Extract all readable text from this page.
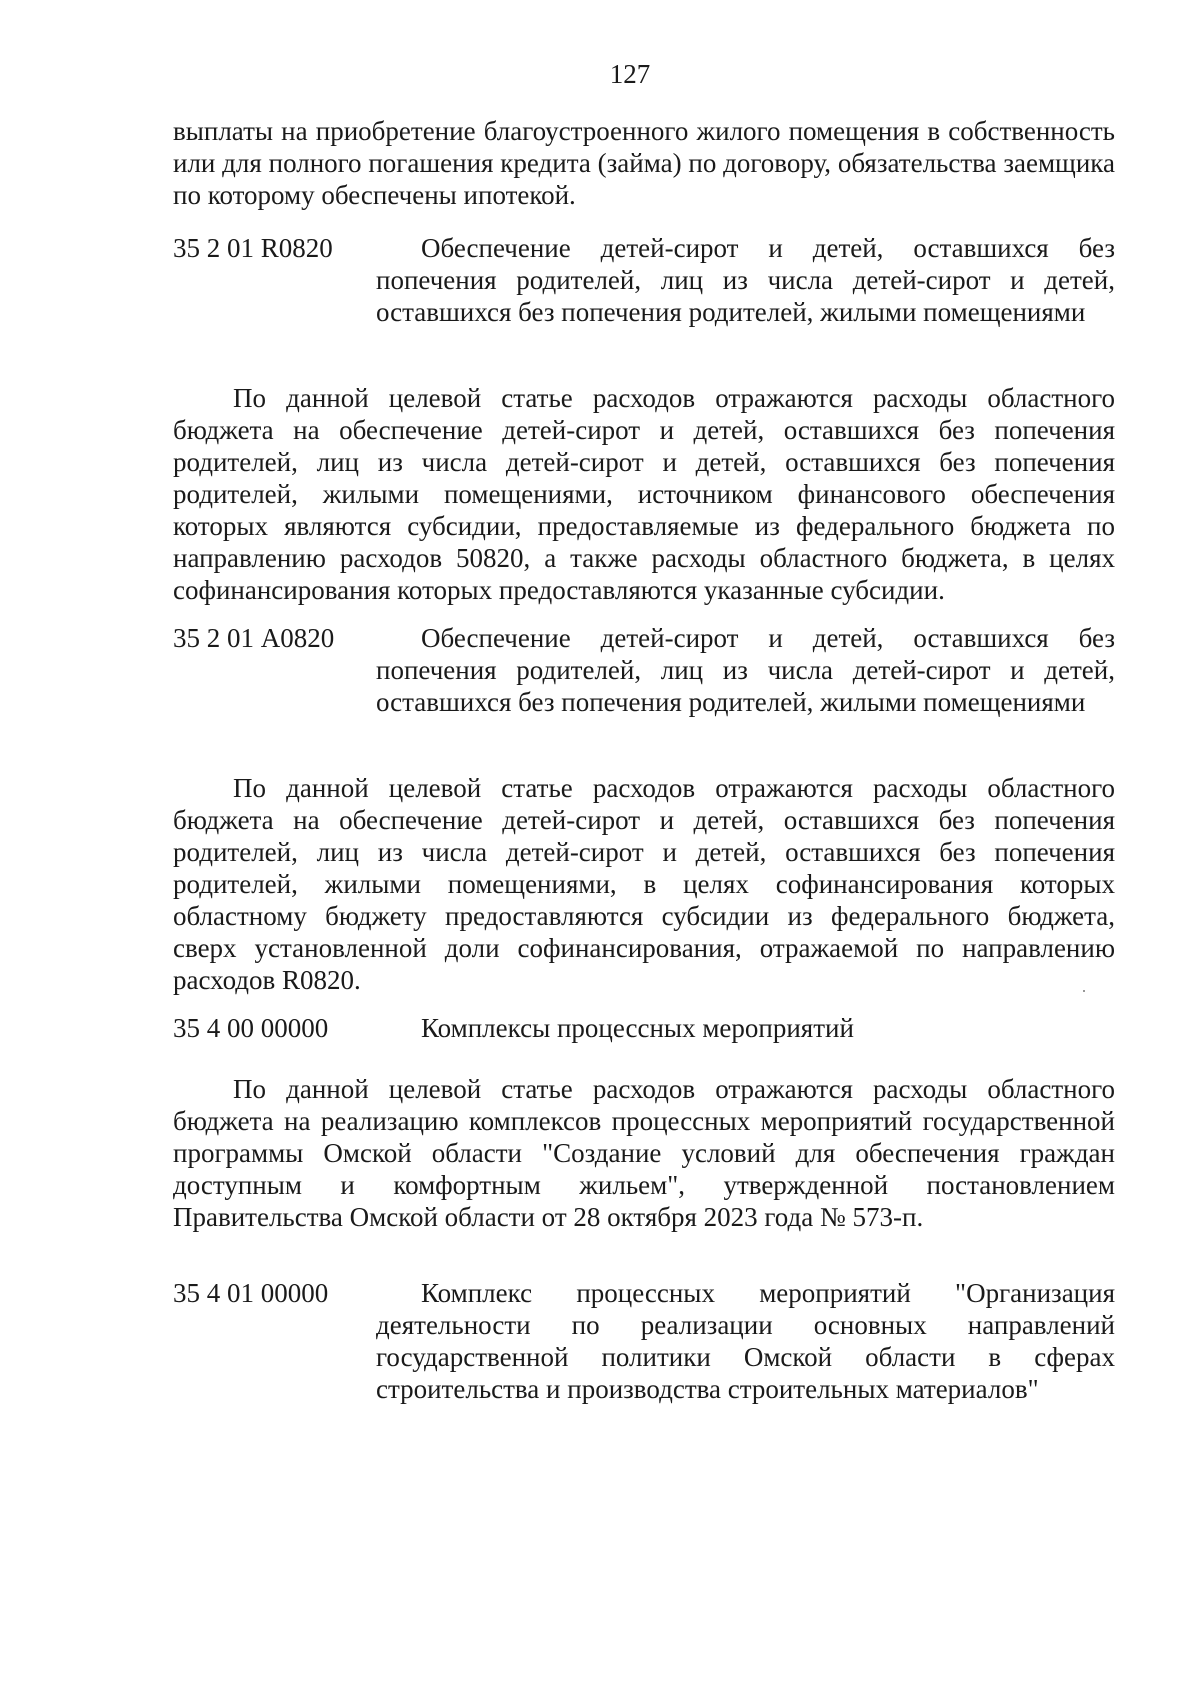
127

выплаты на приобретение благоустроенного жилого помещения в собственность или для полного погашения кредита (займа) по договору, обязательства заемщика по которому обеспечены ипотекой.

35 2 01 R0820	Обеспечение детей-сирот и детей, оставшихся без попечения родителей, лиц из числа детей-сирот и детей, оставшихся без попечения родителей, жилыми помещениями

По данной целевой статье расходов отражаются расходы областного бюджета на обеспечение детей-сирот и детей, оставшихся без попечения родителей, лиц из числа детей-сирот и детей, оставшихся без попечения родителей, жилыми помещениями, источником финансового обеспечения которых являются субсидии, предоставляемые из федерального бюджета по направлению расходов 50820, а также расходы областного бюджета, в целях софинансирования которых предоставляются указанные субсидии.

35 2 01 А0820	Обеспечение детей-сирот и детей, оставшихся без попечения родителей, лиц из числа детей-сирот и детей, оставшихся без попечения родителей, жилыми помещениями

По данной целевой статье расходов отражаются расходы областного бюджета на обеспечение детей-сирот и детей, оставшихся без попечения родителей, лиц из числа детей-сирот и детей, оставшихся без попечения родителей, жилыми помещениями, в целях софинансирования которых областному бюджету предоставляются субсидии из федерального бюджета, сверх установленной доли софинансирования, отражаемой по направлению расходов R0820.

35 4 00 00000	Комплексы процессных мероприятий

По данной целевой статье расходов отражаются расходы областного бюджета на реализацию комплексов процессных мероприятий государственной программы Омской области "Создание условий для обеспечения граждан доступным и комфортным жильем", утвержденной постановлением Правительства Омской области от 28 октября 2023 года № 573-п.

35 4 01 00000	Комплекс процессных мероприятий "Организация деятельности по реализации основных направлений государственной политики Омской области в сферах строительства и производства строительных материалов"
